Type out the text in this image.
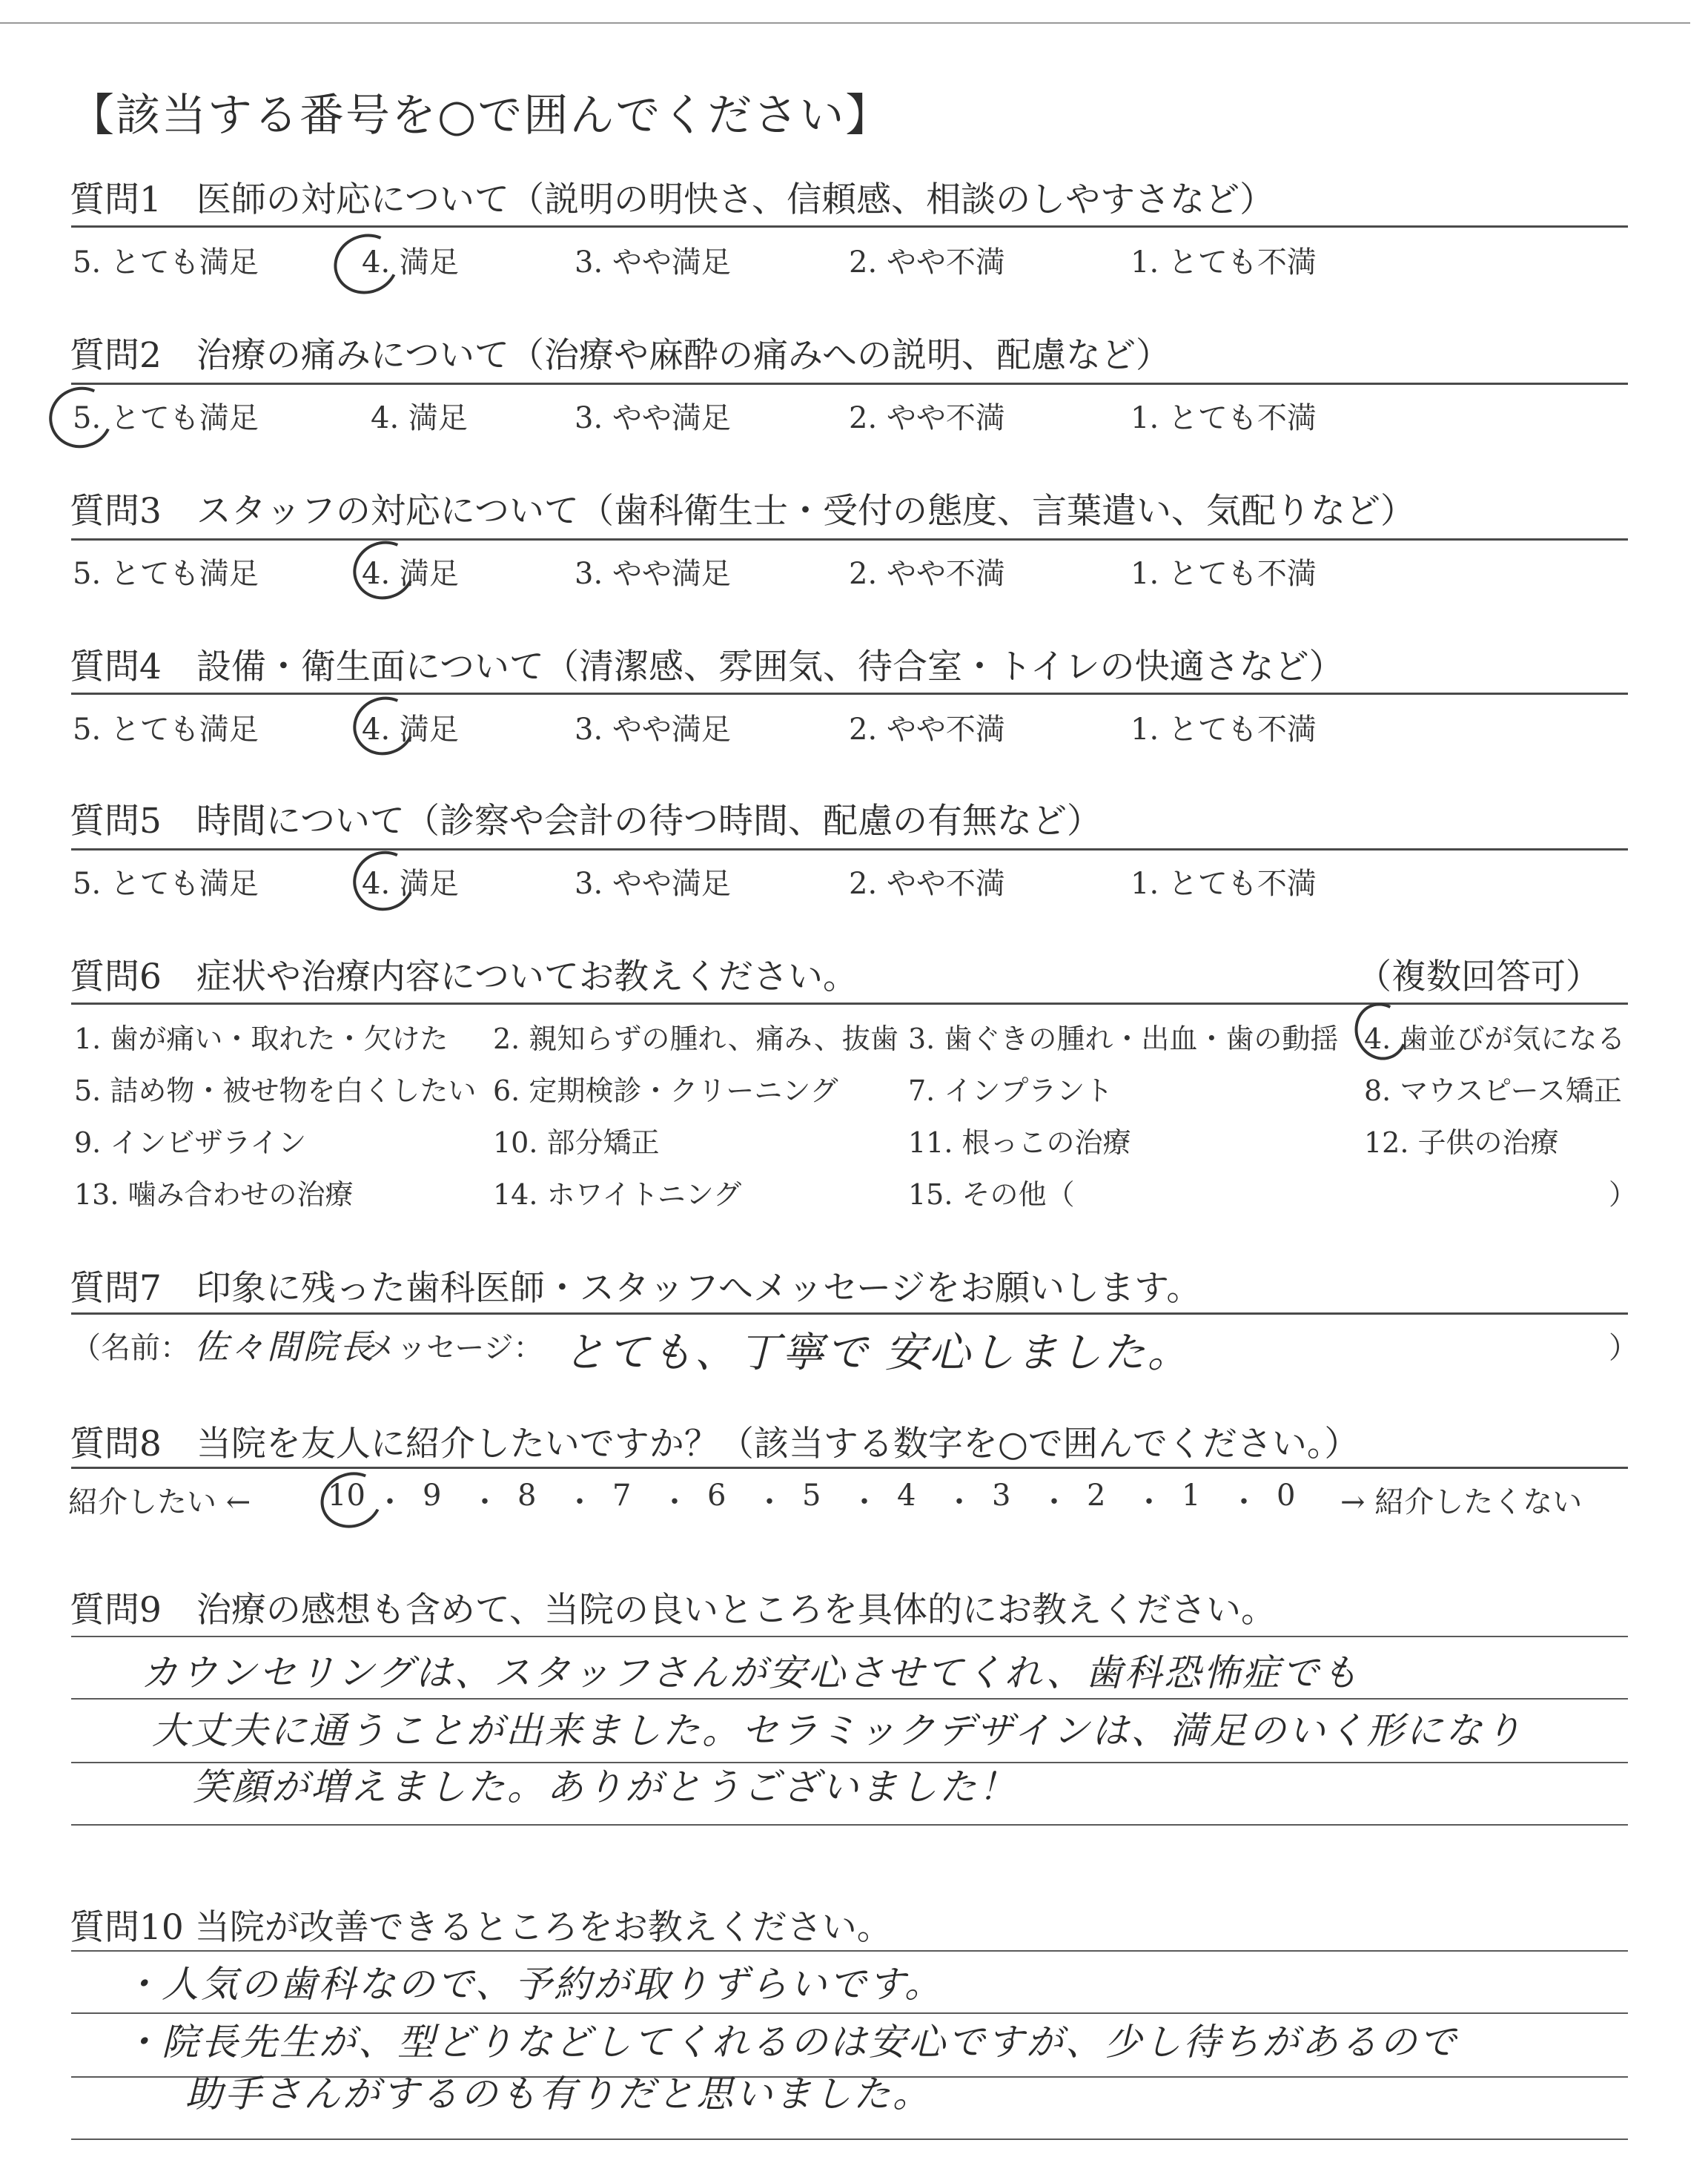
【該当する番号を○で囲んでください】
質問1　医師の対応について（説明の明快さ、信頼感、相談のしやすさなど）
5. とても満足	4. 満足	3. やや満足	2. やや不満	1. とても不満
質問2　治療の痛みについて（治療や麻酔の痛みへの説明、配慮など）
5. とても満足	4. 満足	3. やや満足	2. やや不満	1. とても不満
質問3　スタッフの対応について（歯科衛生士・受付の態度、言葉遣い、気配りなど）
5. とても満足	4. 満足	3. やや満足	2. やや不満	1. とても不満
質問4　設備・衛生面について（清潔感、雰囲気、待合室・トイレの快適さなど）
5. とても満足	4. 満足	3. やや満足	2. やや不満	1. とても不満
質問5　時間について（診察や会計の待つ時間、配慮の有無など）
5. とても満足	4. 満足	3. やや満足	2. やや不満	1. とても不満
質問6　症状や治療内容についてお教えください。	（複数回答可）
1. 歯が痛い・取れた・欠けた 2. 親知らずの腫れ、痛み、抜歯 3. 歯ぐきの腫れ・出血・歯の動揺 4. 歯並びが気になる
5. 詰め物・被せ物を白くしたい 6. 定期検診・クリーニング 7. インプラント	8. マウスピース矯正
9. インビザライン	10. 部分矯正	11. 根っこの治療	12. 子供の治療
13. 噛み合わせの治療	14. ホワイトニング	15. その他（	）
質問7　印象に残った歯科医師・スタッフへメッセージをお願いします。
（名前： 佐々間院長
メッセージ： とても、丁寧で 安心しました。	）
質問8　当院を友人に紹介したいですか？（該当する数字を○で囲んでください。）
紹介したい ←	10 ・ 9 ・ 8 ・ 7 ・ 6 ・ 5 ・ 4 ・ 3 ・ 2 ・ 1 ・ 0 → 紹介したくない
質問9　治療の感想も含めて、当院の良いところを具体的にお教えください。
カウンセリングは、スタッフさんが安心させてくれ、歯科恐怖症でも
大丈夫に通うことが出来ました。セラミックデザインは、満足のいく形になり
笑顔が増えました。ありがとうございました！
質問10 当院が改善できるところをお教えください。
・人気の歯科なので、予約が取りずらいです。
・院長先生が、型どりなどしてくれるのは安心ですが、少し待ちがあるので
助手さんがするのも有りだと思いました。
